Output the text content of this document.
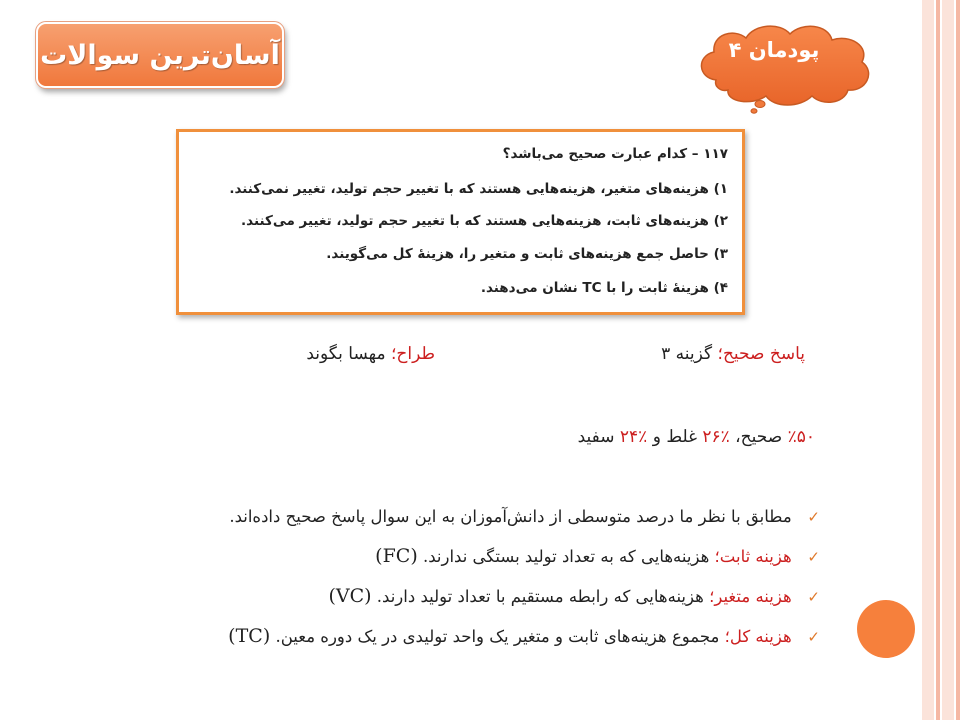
آسان‌ترین سوالات	پودمان ۴
۱۱۷ – کدام عبارت صحیح می‌باشد؟
۱) هزینه‌های متغیر، هزینه‌هایی هستند که با تغییر حجم تولید، تغییر نمی‌کنند.
۲) هزینه‌های ثابت، هزینه‌هایی هستند که با تغییر حجم تولید، تغییر می‌کنند.
۳) حاصل جمع هزینه‌های ثابت و متغیر را، هزینهٔ کل می‌گویند.
۴) هزینهٔ ثابت را با TC نشان می‌دهند.
پاسخ صحیح؛ گزینه ۳
طراح؛ مهسا بگوند
٪۵۰ صحیح، ٪۲۶ غلط و ٪۲۴ سفید
✓   مطابق با نظر ما درصد متوسطی از دانش‌آموزان به این سوال پاسخ صحیح داده‌اند.
✓   هزینه ثابت؛ هزینه‌هایی که به تعداد تولید بستگی ندارند. (FC)
✓   هزینه متغیر؛ هزینه‌هایی که رابطه مستقیم با تعداد تولید دارند. (VC)
✓   هزینه کل؛ مجموع هزینه‌های ثابت و متغیر یک واحد تولیدی در یک دوره معین. (TC)
